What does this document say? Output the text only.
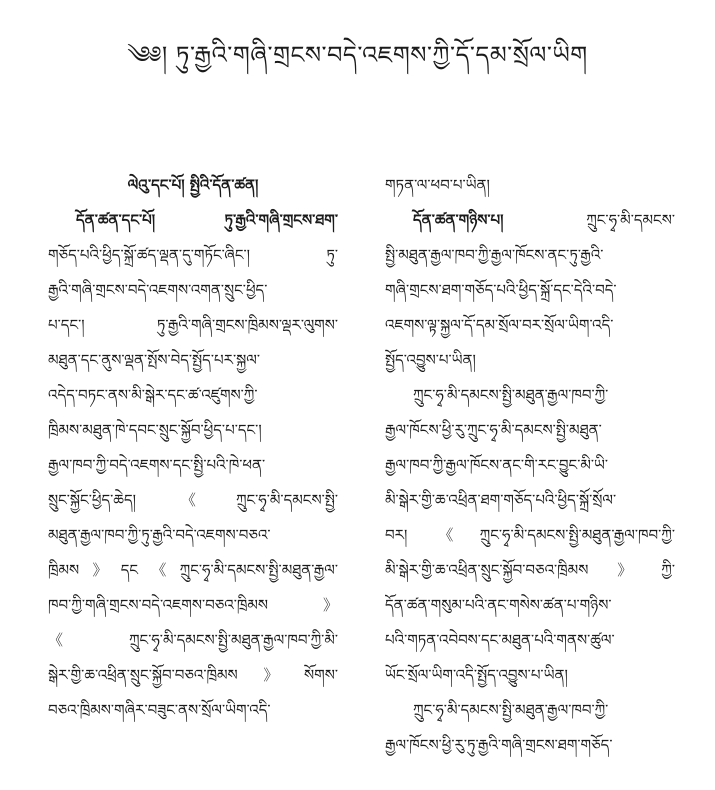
༄༅། ཏུ་རྒྱའི་གཞི་གྲངས་བདེ་འཇགས་ཀྱི་དོ་དམ་སྲོལ་ཡིག
ལེའུ་དང་པོ། སྤྱིའི་དོན་ཚན།
དོན་ཚན་དང་པོ། ཏུ་རྒྱའི་གཞི་གྲངས་ཐག་
གཅོད་པའི་ཕྱིད་སྐྲོ་ཚད་ལྡན་དུ་གཏོང་ཞིང་། ཏུ་
རྒྱའི་གཞི་གྲངས་བདེ་འཇགས་འགན་སྲུང་ཕྱིད་
པ་དང་། ཏུ་རྒྱའི་གཞི་གྲངས་ཁྲིམས་ལྡར་ལུགས་
མཐུན་དང་ནུས་ལྡན་སྤོས་བེད་སྤྱོད་པར་སྐྱལ་
འདེད་བཏང་ནས་མི་སྒེར་དང་ཚ་འཛུགས་ཀྱི་
ཁྲིམས་མཐུན་ཁེ་དབང་སྲུང་སྐྱོབ་ཕྱིད་པ་དང་།
རྒྱལ་ཁབ་ཀྱི་བདེ་འཇགས་དང་སྤྱི་པའི་ཁེ་ཕན་
སྲུང་སྐྱོང་ཕྱིད་ཆེད། 《ཀྲུང་ཧྭ་མི་དམངས་སྤྱི་
མཐུན་རྒྱལ་ཁབ་ཀྱི་ཏུ་རྒྱའི་བདེ་འཇགས་བཅའ་
ཁྲིམས》དང《ཀྲུང་ཧྭ་མི་དམངས་སྤྱི་མཐུན་རྒྱལ་
ཁབ་ཀྱི་གཞི་གྲངས་བདེ་འཇགས་བཅའ་ཁྲིམས》
《ཀྲུང་ཧྭ་མི་དམངས་སྤྱི་མཐུན་རྒྱལ་ཁབ་ཀྱི་མི་
སྒེར་གྱི་ཆ་འཕྲིན་སྲུང་སྐྱོབ་བཅའ་ཁྲིམས》སོགས་
བཅའ་ཁྲིམས་གཞིར་བཟུང་ནས་སྲོལ་ཡིག་འདི་
གཏན་ལ་ཕབ་པ་ཡིན།
དོན་ཚན་གཉིས་པ། ཀྲུང་ཧྭ་མི་དམངས་
སྤྱི་མཐུན་རྒྱལ་ཁབ་ཀྱི་རྒྱལ་ཁོངས་ནང་ཏུ་རྒྱའི་
གཞི་གྲངས་ཐག་གཅོད་པའི་ཕྱིད་སྐྲོ་དང་དེའི་བདེ་
འཇགས་ལྟ་སྐྱལ་དོ་དམ་སྲོལ་བར་སྲོལ་ཡིག་འདི་
སྤྱོད་འབྱུས་པ་ཡིན།
ཀྲུང་ཧྭ་མི་དམངས་སྤྱི་མཐུན་རྒྱལ་ཁབ་ཀྱི་
རྒྱལ་ཁོངས་ཕྱི་རུ་ཀྲུང་ཧྭ་མི་དམངས་སྤྱི་མཐུན་
རྒྱལ་ཁབ་ཀྱི་རྒྱལ་ཁོངས་ནང་གི་རང་བྱུང་མི་ཡི་
མི་སྒེར་གྱི་ཆ་འཕྲིན་ཐག་གཅོད་པའི་ཕྱིད་སྐྲོ་སྲོལ་
བར། 《ཀྲུང་ཧྭ་མི་དམངས་སྤྱི་མཐུན་རྒྱལ་ཁབ་ཀྱི་
མི་སྒེར་གྱི་ཆ་འཕྲིན་སྲུང་སྐྱོབ་བཅའ་ཁྲིམས》ཀྱི་
དོན་ཚན་གསུམ་པའི་ནང་གསེས་ཚན་པ་གཉིས་
པའི་གཏན་འབེབས་དང་མཐུན་པའི་གནས་ཚུལ་
ཡོང་སྲོལ་ཡིག་འདི་སྤྱོད་འབྱུས་པ་ཡིན།
ཀྲུང་ཧྭ་མི་དམངས་སྤྱི་མཐུན་རྒྱལ་ཁབ་ཀྱི་
རྒྱལ་ཁོངས་ཕྱི་རུ་ཏུ་རྒྱའི་གཞི་གྲངས་ཐག་གཅོད་
